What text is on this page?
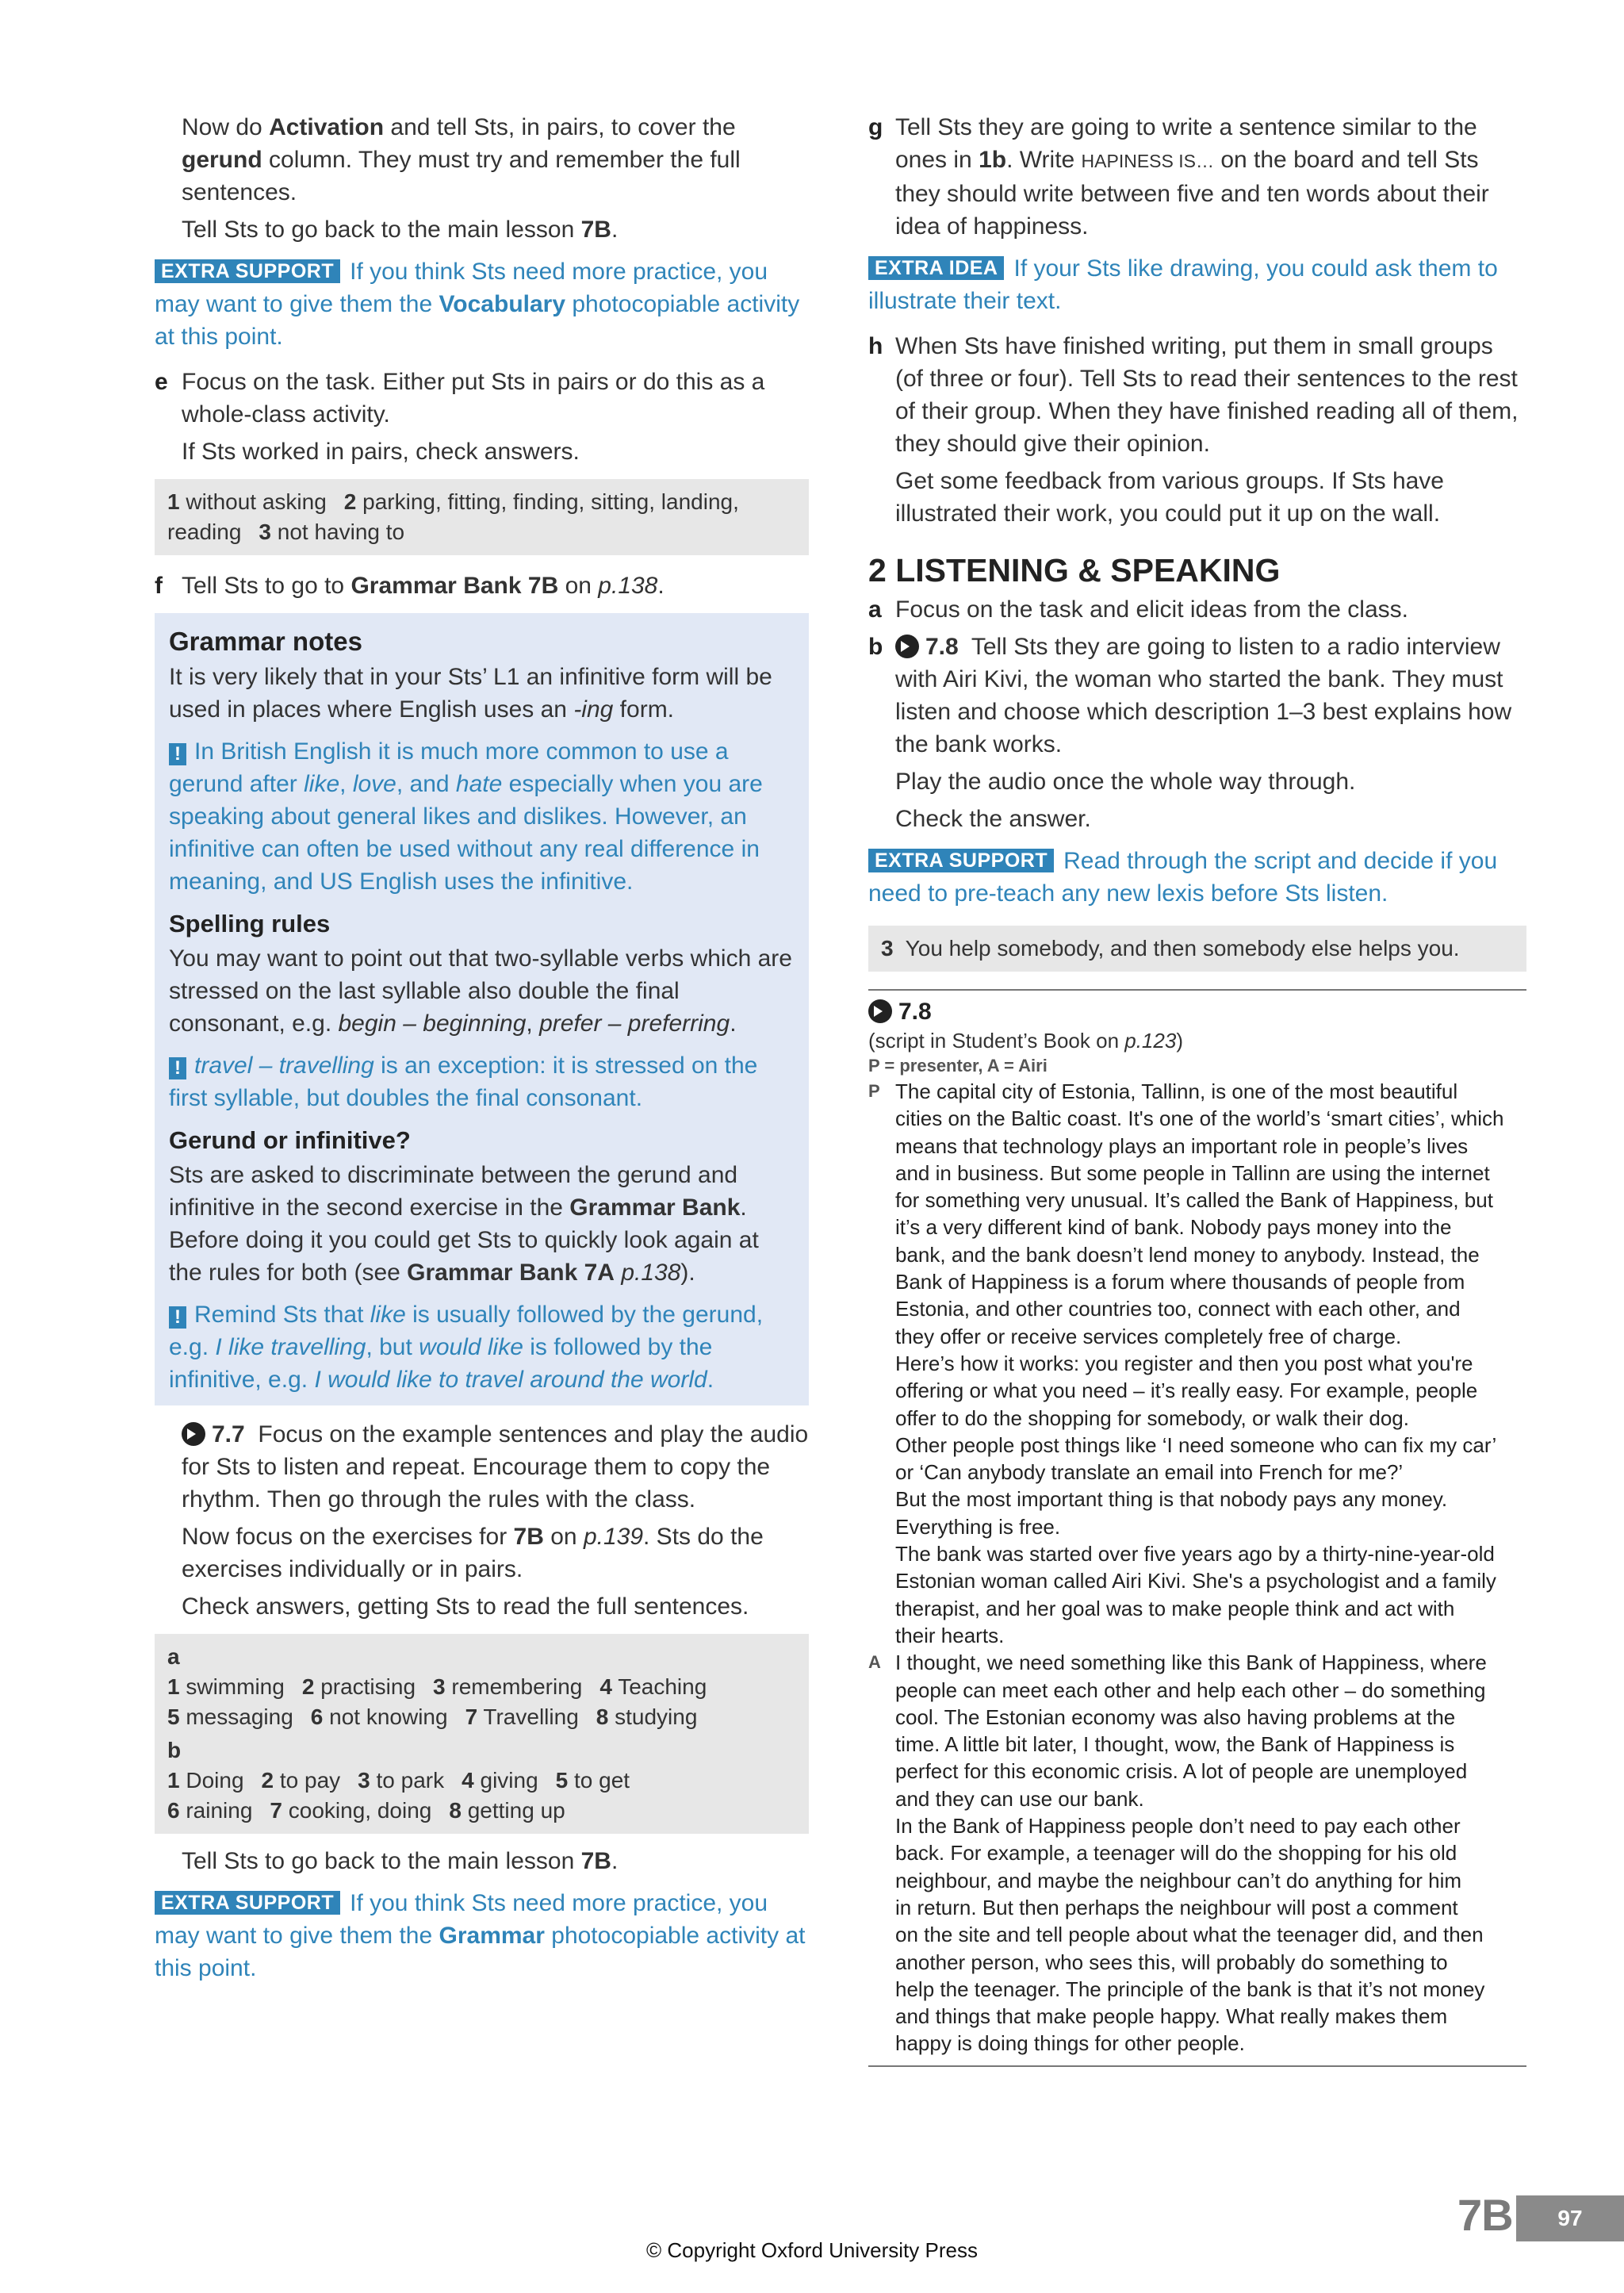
Now do Activation and tell Sts, in pairs, to cover the gerund column. They must try and remember the full sentences.

Tell Sts to go back to the main lesson 7B.

EXTRA SUPPORT If you think Sts need more practice, you may want to give them the Vocabulary photocopiable activity at this point.

e Focus on the task. Either put Sts in pairs or do this as a whole-class activity.

If Sts worked in pairs, check answers.

1 without asking 2 parking, fitting, finding, sitting, landing, reading 3 not having to
f Tell Sts to go to Grammar Bank 7B on p.138.

Grammar notes

It is very likely that in your Sts’ L1 an infinitive form will be used in places where English uses an -ing form.

! In British English it is much more common to use a gerund after like, love, and hate especially when you are speaking about general likes and dislikes. However, an infinitive can often be used without any real difference in meaning, and US English uses the infinitive.

Spelling rules

You may want to point out that two-syllable verbs which are stressed on the last syllable also double the final consonant, e.g. begin – beginning, prefer – preferring.

! travel – travelling is an exception: it is stressed on the first syllable, but doubles the final consonant.

Gerund or infinitive?

Sts are asked to discriminate between the gerund and infinitive in the second exercise in the Grammar Bank. Before doing it you could get Sts to quickly look again at the rules for both (see Grammar Bank 7A p.138).

! Remind Sts that like is usually followed by the gerund, e.g. I like travelling, but would like is followed by the infinitive, e.g. I would like to travel around the world.

7.7 Focus on the example sentences and play the audio for Sts to listen and repeat. Encourage them to copy the rhythm. Then go through the rules with the class.

Now focus on the exercises for 7B on p.139. Sts do the exercises individually or in pairs.

Check answers, getting Sts to read the full sentences.

a
1 swimming 2 practising 3 remembering 4 Teaching
5 messaging 6 not knowing 7 Travelling 8 studying
b
1 Doing 2 to pay 3 to park 4 giving 5 to get
6 raining 7 cooking, doing 8 getting up

Tell Sts to go back to the main lesson 7B.

EXTRA SUPPORT If you think Sts need more practice, you may want to give them the Grammar photocopiable activity at this point.

g Tell Sts they are going to write a sentence similar to the ones in 1b. Write HAPINESS IS… on the board and tell Sts they should write between five and ten words about their idea of happiness.

EXTRA IDEA If your Sts like drawing, you could ask them to illustrate their text.

h When Sts have finished writing, put them in small groups (of three or four). Tell Sts to read their sentences to the rest of their group. When they have finished reading all of them, they should give their opinion.

Get some feedback from various groups. If Sts have illustrated their work, you could put it up on the wall.

2 LISTENING & SPEAKING
a Focus on the task and elicit ideas from the class.

b	7.8 Tell Sts they are going to listen to a radio interview with Airi Kivi, the woman who started the bank. They must listen and choose which description 1–3 best explains how the bank works.

Play the audio once the whole way through.

Check the answer.

EXTRA SUPPORT Read through the script and decide if you need to pre-teach any new lexis before Sts listen.

3 You help somebody, and then somebody else helps you.
7.8
(script in Student’s Book on p.123)
P = presenter, A = Airi
P The capital city of Estonia, Tallinn, is one of the most beautiful
cities on the Baltic coast. It's one of the world’s ‘smart cities’, which
means that technology plays an important role in people’s lives
and in business. But some people in Tallinn are using the internet
for something very unusual. It’s called the Bank of Happiness, but
it’s a very different kind of bank. Nobody pays money into the
bank, and the bank doesn’t lend money to anybody. Instead, the
Bank of Happiness is a forum where thousands of people from
Estonia, and other countries too, connect with each other, and
they offer or receive services completely free of charge.
Here’s how it works: you register and then you post what you're
offering or what you need – it’s really easy. For example, people
offer to do the shopping for somebody, or walk their dog.
Other people post things like ‘I need someone who can fix my car’
or ‘Can anybody translate an email into French for me?’
But the most important thing is that nobody pays any money.
Everything is free.
The bank was started over five years ago by a thirty-nine-year-old
Estonian woman called Airi Kivi. She's a psychologist and a family
therapist, and her goal was to make people think and act with
their hearts.
A I thought, we need something like this Bank of Happiness, where
people can meet each other and help each other – do something
cool. The Estonian economy was also having problems at the
time. A little bit later, I thought, wow, the Bank of Happiness is
perfect for this economic crisis. A lot of people are unemployed
and they can use our bank.
In the Bank of Happiness people don’t need to pay each other
back. For example, a teenager will do the shopping for his old
neighbour, and maybe the neighbour can’t do anything for him
in return. But then perhaps the neighbour will post a comment
on the site and tell people about what the teenager did, and then
another person, who sees this, will probably do something to
help the teenager. The principle of the bank is that it’s not money
and things that make people happy. What really makes them
happy is doing things for other people.
© Copyright Oxford University Press
7B	97
